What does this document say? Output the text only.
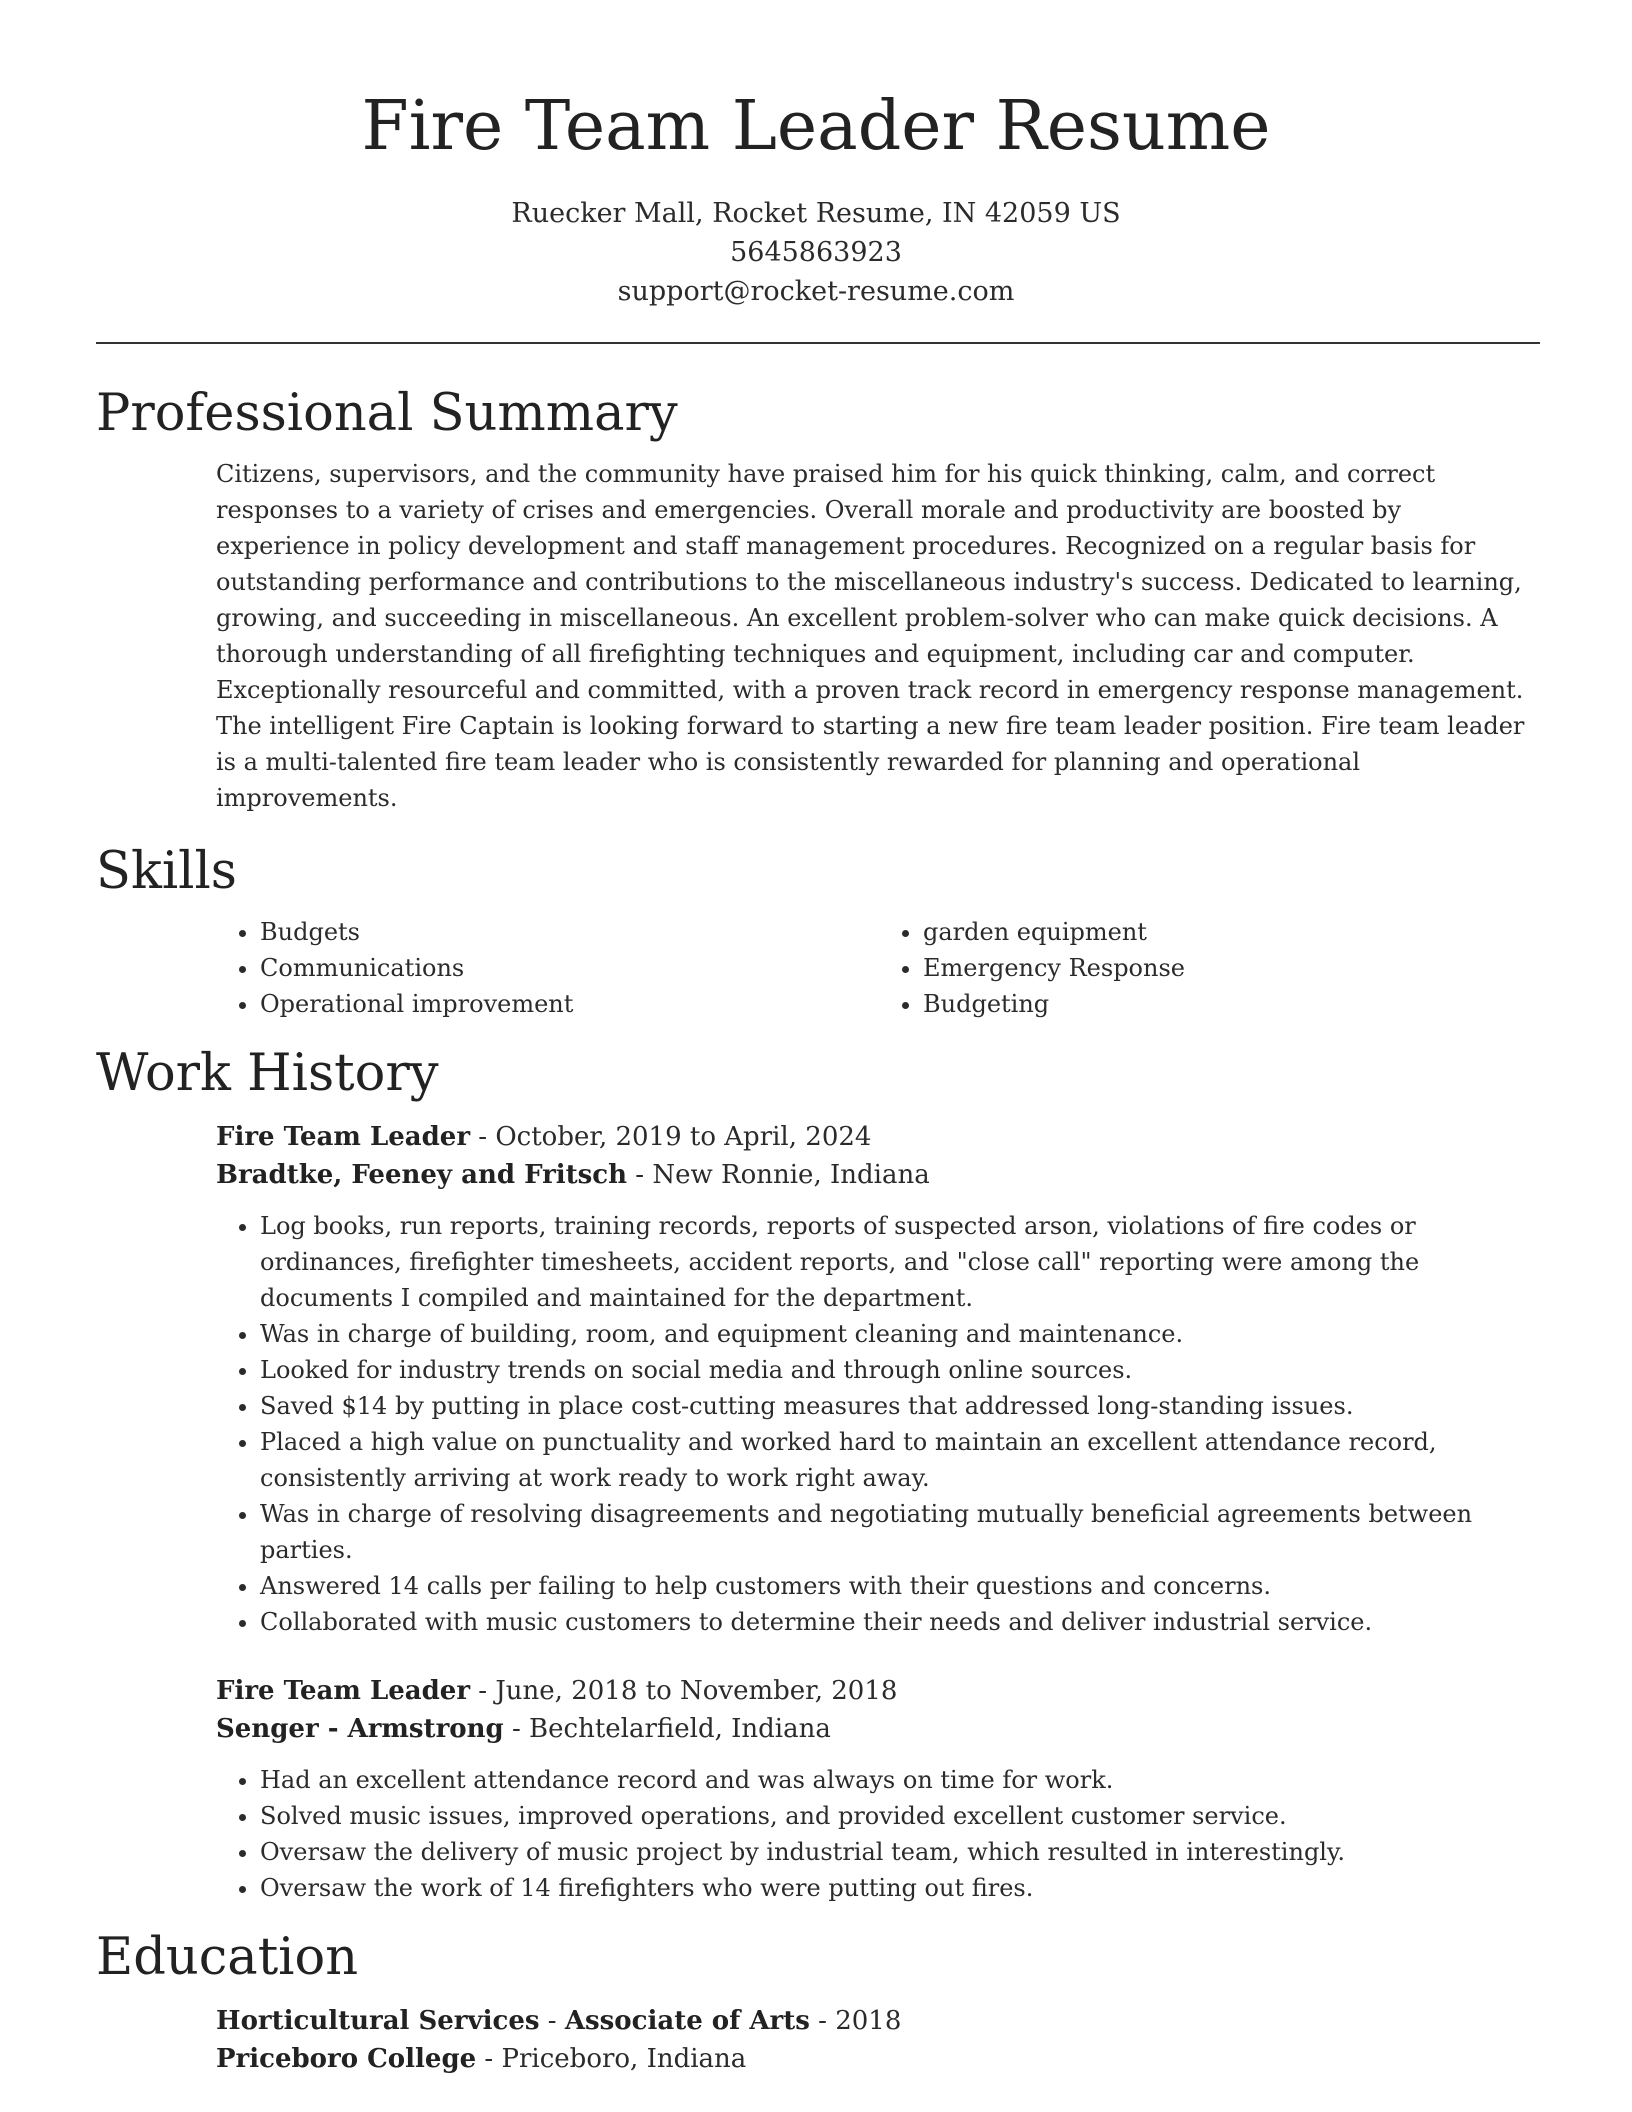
Fire Team Leader Resume
Ruecker Mall, Rocket Resume, IN 42059 US
5645863923
support@rocket-resume.com
Professional Summary
Citizens, supervisors, and the community have praised him for his quick thinking, calm, and correct responses to a variety of crises and emergencies. Overall morale and productivity are boosted by experience in policy development and staff management procedures. Recognized on a regular basis for outstanding performance and contributions to the miscellaneous industry's success. Dedicated to learning, growing, and succeeding in miscellaneous. An excellent problem-solver who can make quick decisions. A thorough understanding of all firefighting techniques and equipment, including car and computer. Exceptionally resourceful and committed, with a proven track record in emergency response management. The intelligent Fire Captain is looking forward to starting a new fire team leader position. Fire team leader is a multi-talented fire team leader who is consistently rewarded for planning and operational improvements.
Skills
• Budgets
• Communications
• Operational improvement
• garden equipment
• Emergency Response
• Budgeting
Work History
Fire Team Leader - October, 2019 to April, 2024
Bradtke, Feeney and Fritsch - New Ronnie, Indiana
• Log books, run reports, training records, reports of suspected arson, violations of fire codes or ordinances, firefighter timesheets, accident reports, and "close call" reporting were among the documents I compiled and maintained for the department.
• Was in charge of building, room, and equipment cleaning and maintenance.
• Looked for industry trends on social media and through online sources.
• Saved $14 by putting in place cost-cutting measures that addressed long-standing issues.
• Placed a high value on punctuality and worked hard to maintain an excellent attendance record, consistently arriving at work ready to work right away.
• Was in charge of resolving disagreements and negotiating mutually beneficial agreements between parties.
• Answered 14 calls per failing to help customers with their questions and concerns.
• Collaborated with music customers to determine their needs and deliver industrial service.
Fire Team Leader - June, 2018 to November, 2018
Senger - Armstrong - Bechtelarfield, Indiana
• Had an excellent attendance record and was always on time for work.
• Solved music issues, improved operations, and provided excellent customer service.
• Oversaw the delivery of music project by industrial team, which resulted in interestingly.
• Oversaw the work of 14 firefighters who were putting out fires.
Education
Horticultural Services - Associate of Arts - 2018
Priceboro College - Priceboro, Indiana
